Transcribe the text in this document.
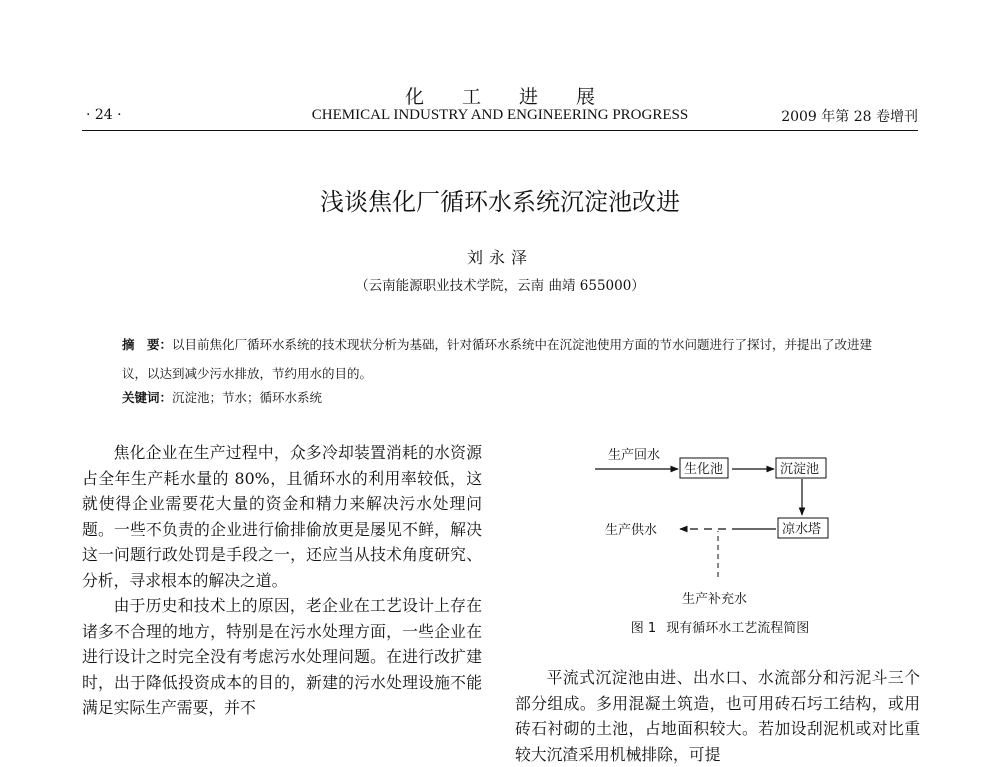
化　　工　　进　　展
· 24 ·	CHEMICAL INDUSTRY AND ENGINEERING PROGRESS	2009 年第 28 卷增刊
浅谈焦化厂循环水系统沉淀池改进
刘永泽
（云南能源职业技术学院，云南 曲靖 655000）
摘　要：以目前焦化厂循环水系统的技术现状分析为基础，针对循环水系统中在沉淀池使用方面的节水问题进行了探讨，并提出了改进建议，以达到减少污水排放，节约用水的目的。
关键词：沉淀池；节水；循环水系统

焦化企业在生产过程中，众多冷却装置消耗的水资源占全年生产耗水量的 80%，且循环水的利用率较低，这就使得企业需要花大量的资金和精力来解决污水处理问题。一些不负责的企业进行偷排偷放更是屡见不鲜，解决这一问题行政处罚是手段之一，还应当从技术角度研究、分析，寻求根本的解决之道。

由于历史和技术上的原因，老企业在工艺设计上存在诸多不合理的地方，特别是在污水处理方面，一些企业在进行设计之时完全没有考虑污水处理问题。在进行改扩建时，出于降低投资成本的目的，新建的污水处理设施不能满足实际生产需要，并不

生产回水
生化池	沉淀池
凉水塔
生产供水
生产补充水
图 1 现有循环水工艺流程简图

平流式沉淀池由进、出水口、水流部分和污泥斗三个部分组成。多用混凝土筑造，也可用砖石圬工结构，或用砖石衬砌的土池，占地面积较大。若加设刮泥机或对比重较大沉渣采用机械排除，可提
